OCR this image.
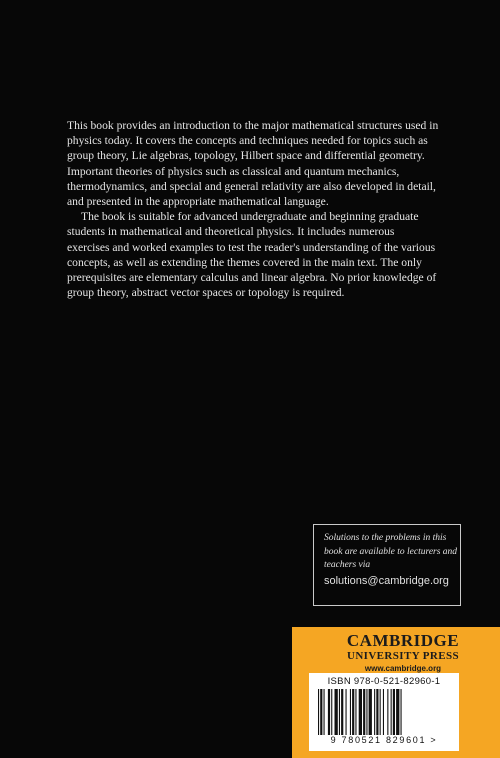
This book provides an introduction to the major mathematical structures used in physics today. It covers the concepts and techniques needed for topics such as group theory, Lie algebras, topology, Hilbert space and differential geometry. Important theories of physics such as classical and quantum mechanics, thermodynamics, and special and general relativity are also developed in detail, and presented in the appropriate mathematical language.

The book is suitable for advanced undergraduate and beginning graduate students in mathematical and theoretical physics. It includes numerous exercises and worked examples to test the reader's understanding of the various concepts, as well as extending the themes covered in the main text. The only prerequisites are elementary calculus and linear algebra. No prior knowledge of group theory, abstract vector spaces or topology is required.

Solutions to the problems in this book are available to lecturers and teachers via
solutions@cambridge.org
CAMBRIDGE
UNIVERSITY PRESS
www.cambridge.org
ISBN 978-0-521-82960-1
9 780521 829601 >
